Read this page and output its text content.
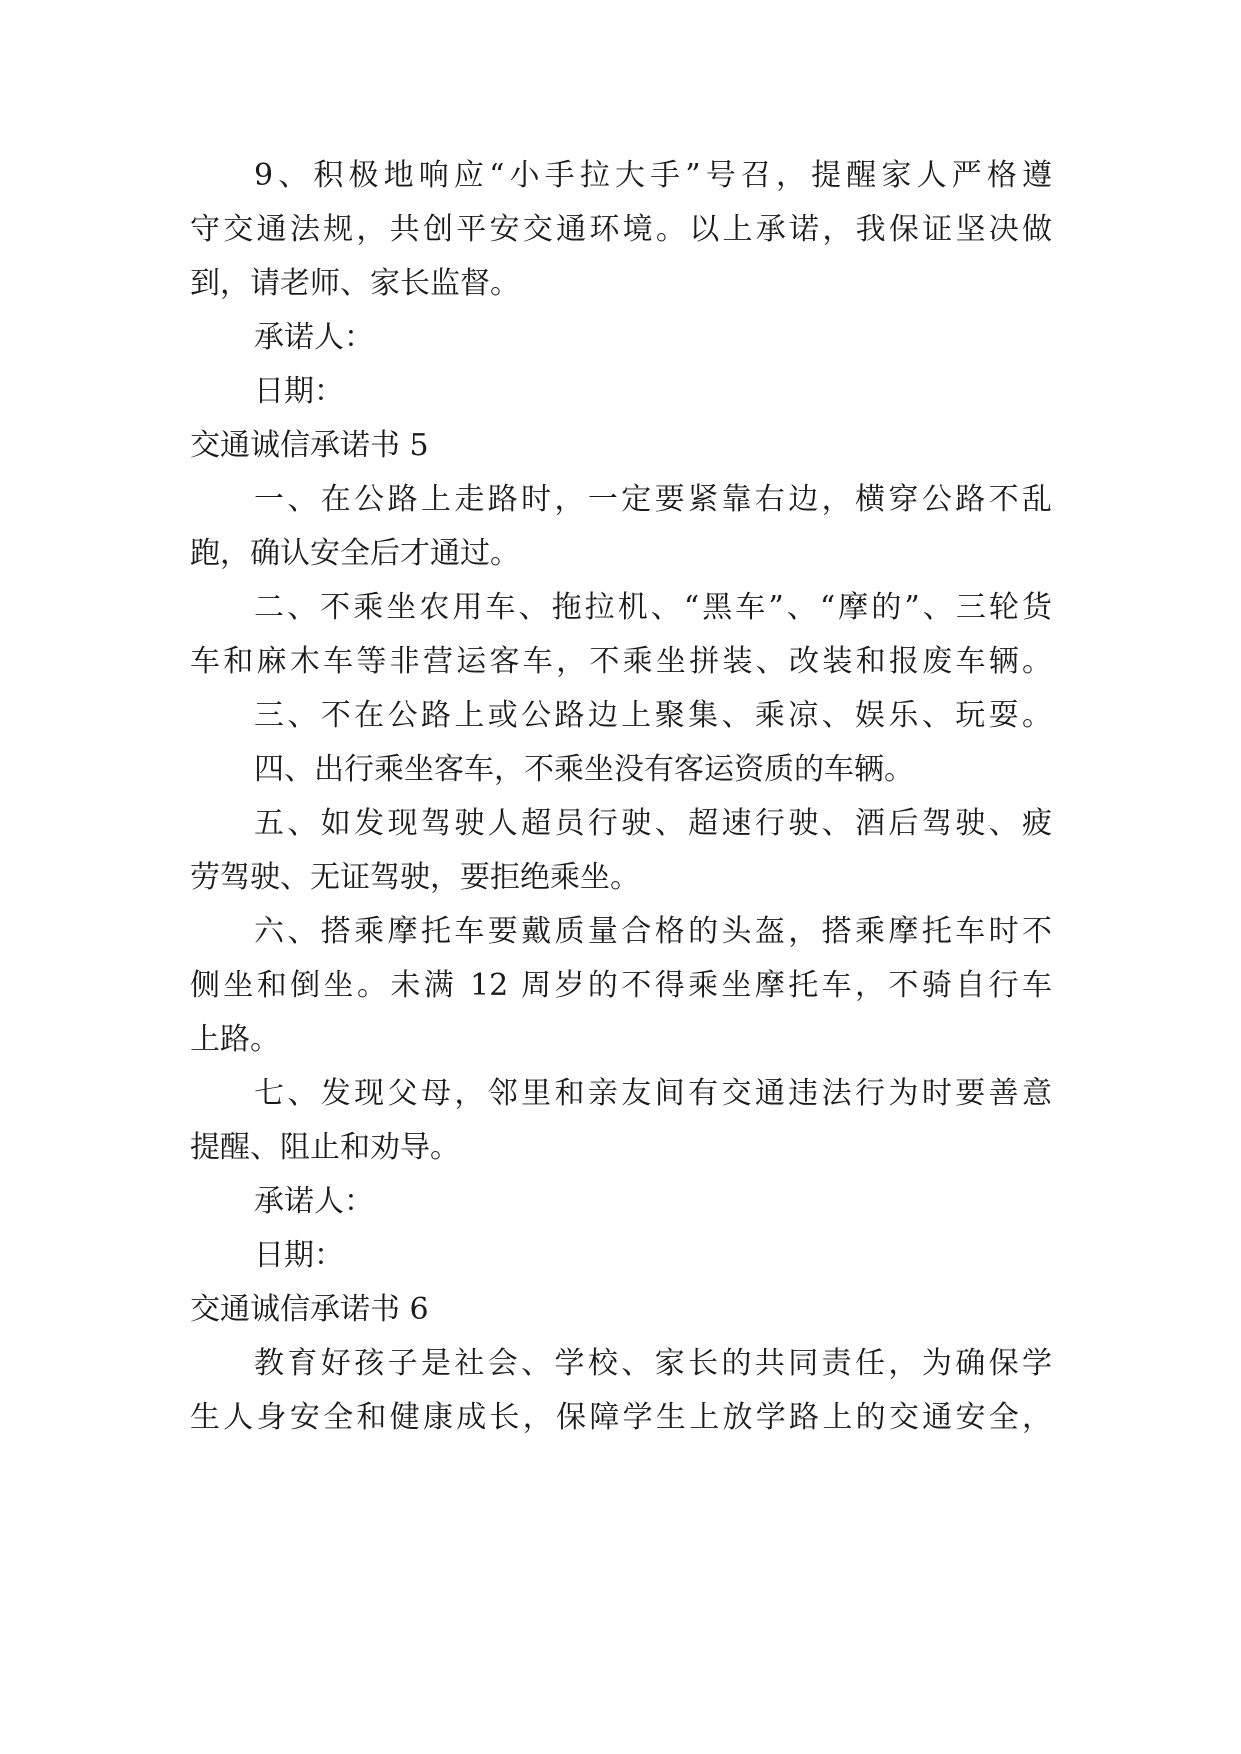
9、积极地响应“小手拉大手”号召，提醒家人严格遵
守交通法规，共创平安交通环境。以上承诺，我保证坚决做
到，请老师、家长监督。
承诺人：
日期：
交通诚信承诺书 5
一、在公路上走路时，一定要紧靠右边，横穿公路不乱
跑，确认安全后才通过。
二、不乘坐农用车、拖拉机、“黑车”、“摩的”、三轮货
车和麻木车等非营运客车，不乘坐拼装、改装和报废车辆。
三、不在公路上或公路边上聚集、乘凉、娱乐、玩耍。
四、出行乘坐客车，不乘坐没有客运资质的车辆。
五、如发现驾驶人超员行驶、超速行驶、酒后驾驶、疲
劳驾驶、无证驾驶，要拒绝乘坐。
六、搭乘摩托车要戴质量合格的头盔，搭乘摩托车时不
侧坐和倒坐。未满 12 周岁的不得乘坐摩托车，不骑自行车
上路。
七、发现父母，邻里和亲友间有交通违法行为时要善意
提醒、阻止和劝导。
承诺人：
日期：
交通诚信承诺书 6
教育好孩子是社会、学校、家长的共同责任，为确保学
生人身安全和健康成长，保障学生上放学路上的交通安全，
